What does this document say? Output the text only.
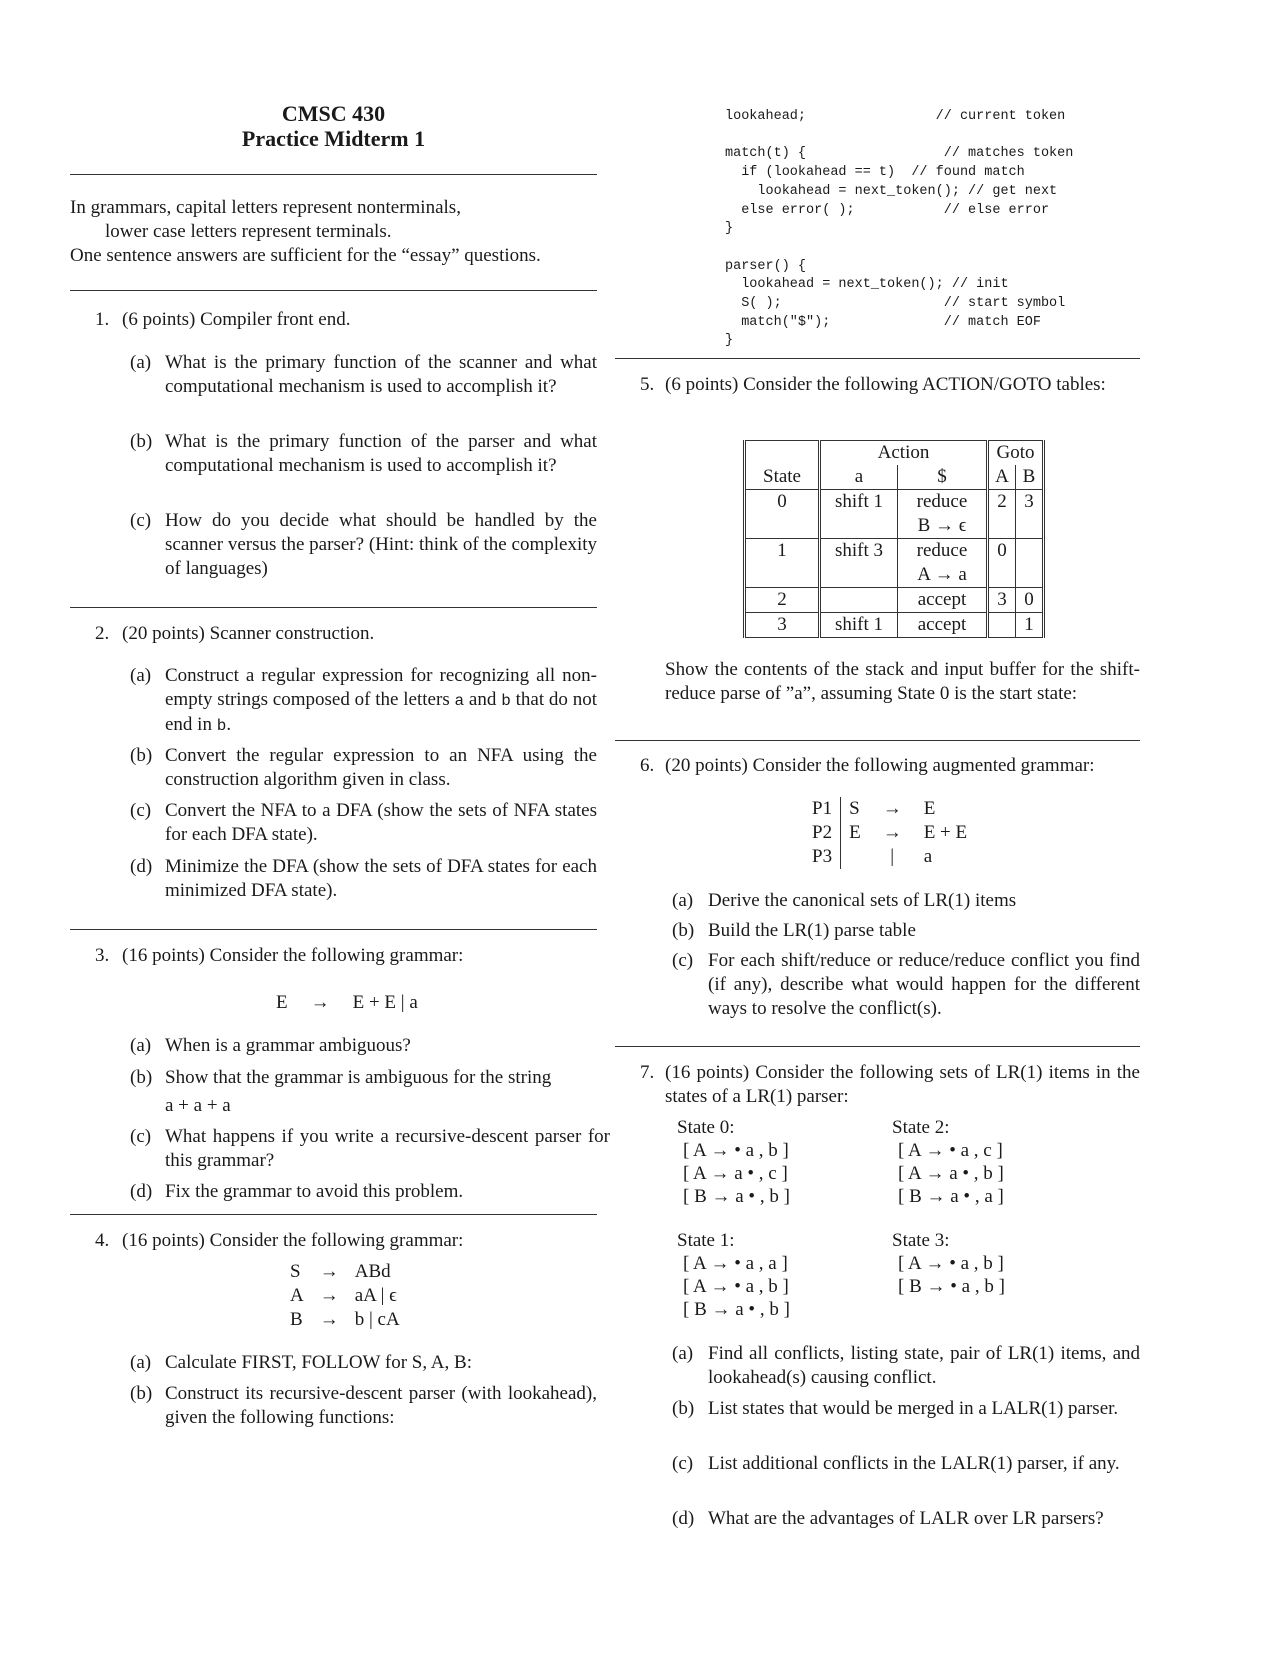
CMSC 430
Practice Midterm 1
In grammars, capital letters represent nonterminals,
lower case letters represent terminals.
One sentence answers are sufficient for the “essay” questions.
1. (6 points) Compiler front end.
(a) What is the primary function of the scanner and what computational mechanism is used to accomplish it?
(b) What is the primary function of the parser and what computational mechanism is used to accomplish it?
(c) How do you decide what should be handled by the scanner versus the parser? (Hint: think of the complexity of languages)
2. (20 points) Scanner construction.
(a) Construct a regular expression for recognizing all non-empty strings composed of the letters a and b that do not end in b.
(b) Convert the regular expression to an NFA using the construction algorithm given in class.
(c) Convert the NFA to a DFA (show the sets of NFA states for each DFA state).
(d) Minimize the DFA (show the sets of DFA states for each minimized DFA state).
3. (16 points) Consider the following grammar:
E → E + E | a
(a) When is a grammar ambiguous?
(b) Show that the grammar is ambiguous for the string
a + a + a
(c) What happens if you write a recursive-descent parser for this grammar?
(d) Fix the grammar to avoid this problem.
4. (16 points) Consider the following grammar:
S	→	ABd
A	→	aA | ϵ
B	→	b | cA
(a) Calculate FIRST, FOLLOW for S, A, B:
(b) Construct its recursive-descent parser (with lookahead), given the following functions:
lookahead;                // current token

match(t) {                 // matches token
if (lookahead == t)  // found match
lookahead = next_token(); // get next
else error( );           // else error
}

parser() {
lookahead = next_token(); // init
S( );                    // start symbol
match("$");              // match EOF
}
5. (6 points) Consider the following ACTION/GOTO tables:
	Action		Goto	
State	a	$	A	B
0	shift 1	reduce	2	3
		B → ϵ		
1	shift 3	reduce	0	
		A → a		
2		accept	3	0
3	shift 1	accept		1
Show the contents of the stack and input buffer for the shift-reduce parse of ”a”, assuming State 0 is the start state:
6. (20 points) Consider the following augmented grammar:
P1	S	→	E
P2	E	→	E + E
P3		|	a
(a) Derive the canonical sets of LR(1) items
(b) Build the LR(1) parse table
(c) For each shift/reduce or reduce/reduce conflict you find (if any), describe what would happen for the different ways to resolve the conflict(s).
7. (16 points) Consider the following sets of LR(1) items in the states of a LR(1) parser:
State 0:
[ A → • a , b ]
[ A → a • , c ]
[ B → a • , b ]
State 2:
[ A → • a , c ]
[ A → a • , b ]
[ B → a • , a ]
State 1:
[ A → • a , a ]
[ A → • a , b ]
[ B → a • , b ]
State 3:
[ A → • a , b ]
[ B → • a , b ]
(a) Find all conflicts, listing state, pair of LR(1) items, and lookahead(s) causing conflict.
(b) List states that would be merged in a LALR(1) parser.
(c) List additional conflicts in the LALR(1) parser, if any.
(d) What are the advantages of LALR over LR parsers?
